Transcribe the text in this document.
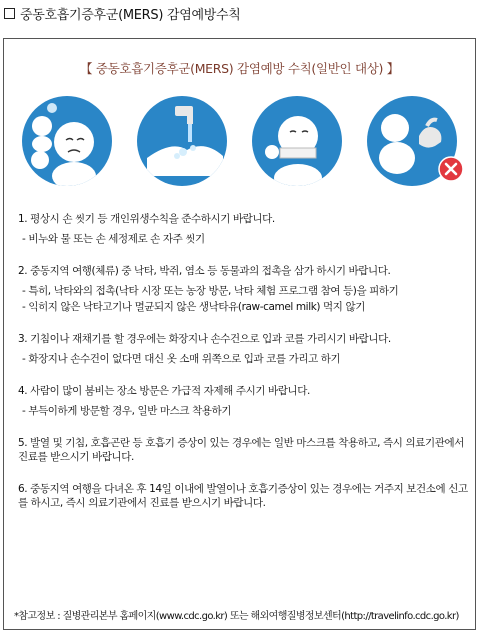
중동호흡기증후군(MERS) 감염예방수칙
【 중동호흡기증후군(MERS) 감염예방 수칙(일반인 대상) 】
1. 평상시 손 씻기 등 개인위생수칙을 준수하시기 바랍니다.
- 비누와 물 또는 손 세정제로 손 자주 씻기
2. 중동지역 여행(체류) 중 낙타, 박쥐, 염소 등 동물과의 접촉을 삼가 하시기 바랍니다.
- 특히, 낙타와의 접촉(낙타 시장 또는 농장 방문, 낙타 체험 프로그램 참여 등)을 피하기
- 익히지 않은 낙타고기나 멸균되지 않은 생낙타유(raw-camel milk) 먹지 않기
3. 기침이나 재채기를 할 경우에는 화장지나 손수건으로 입과 코를 가리시기 바랍니다.
- 화장지나 손수건이 없다면 대신 옷 소매 위쪽으로 입과 코를 가리고 하기
4. 사람이 많이 붐비는 장소 방문은 가급적 자제해 주시기 바랍니다.
- 부득이하게 방문할 경우, 일반 마스크 착용하기
5. 발열 및 기침, 호흡곤란 등 호흡기 증상이 있는 경우에는 일반 마스크를 착용하고, 즉시 의료기관에서 진료를 받으시기 바랍니다.
6. 중동지역 여행을 다녀온 후 14일 이내에 발열이나 호흡기증상이 있는 경우에는 거주지 보건소에 신고를 하시고, 즉시 의료기관에서 진료를 받으시기 바랍니다.
*참고정보 : 질병관리본부 홈페이지(www.cdc.go.kr) 또는 해외여행질병정보센터(http://travelinfo.cdc.go.kr)
